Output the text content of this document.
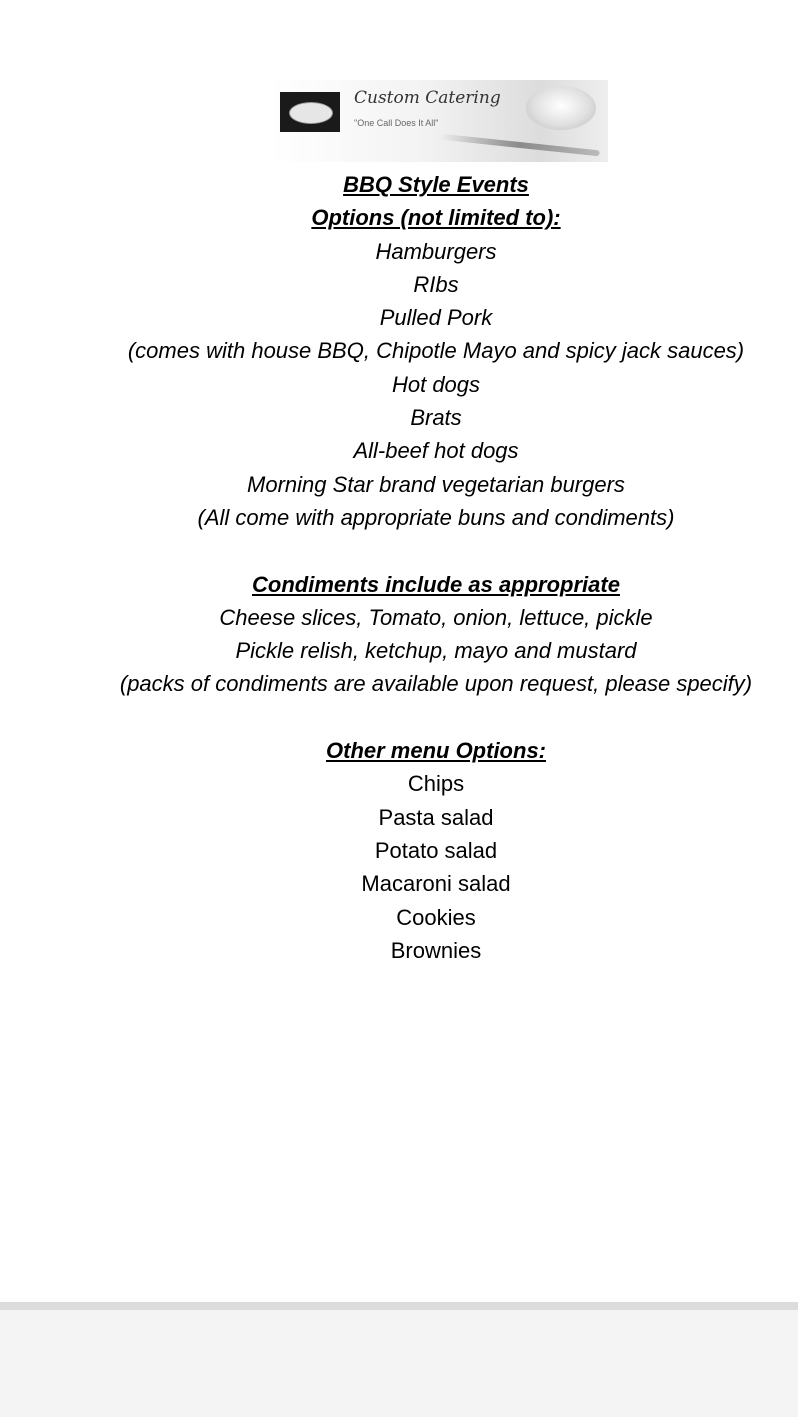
Custom Catering
"One Call Does It All"
BBQ Style Events
Options (not limited to):
Hamburgers
RIbs
Pulled Pork
(comes with house BBQ, Chipotle Mayo and spicy jack sauces)
Hot dogs
Brats
All-beef hot dogs
Morning Star brand vegetarian burgers
(All come with appropriate buns and condiments)
Condiments include as appropriate
Cheese slices, Tomato, onion, lettuce, pickle
Pickle relish, ketchup, mayo and mustard
(packs of condiments are available upon request, please specify)
Other menu Options:
Chips
Pasta salad
Potato salad
Macaroni salad
Cookies
Brownies
